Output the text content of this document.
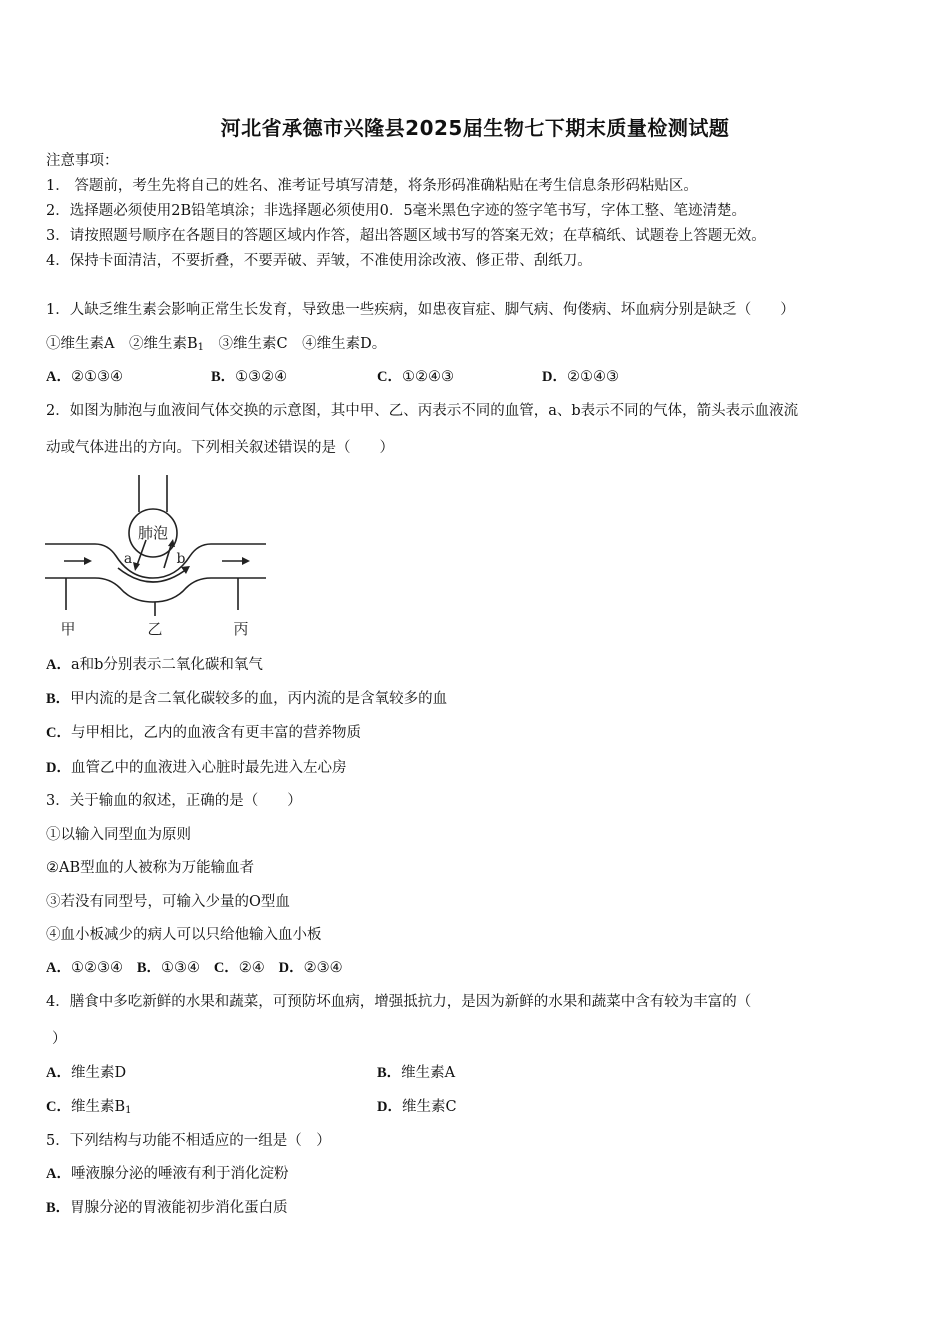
河北省承德市兴隆县2025届生物七下期末质量检测试题
注意事项：
1． 答题前，考生先将自己的姓名、准考证号填写清楚，将条形码准确粘贴在考生信息条形码粘贴区。
2．选择题必须使用2B铅笔填涂；非选择题必须使用0．5毫米黑色字迹的签字笔书写，字体工整、笔迹清楚。
3．请按照题号顺序在各题目的答题区域内作答，超出答题区域书写的答案无效；在草稿纸、试题卷上答题无效。
4．保持卡面清洁，不要折叠，不要弄破、弄皱，不准使用涂改液、修正带、刮纸刀。
1．人缺乏维生素会影响正常生长发育，导致患一些疾病，如患夜盲症、脚气病、佝偻病、坏血病分别是缺乏（　　）
①维生素A　②维生素$B_1$　③维生素C　④维生素D。
A．②①③④	B．①③②④	C．①②④③	D．②①④③
2．如图为肺泡与血液间气体交换的示意图，其中甲、乙、丙表示不同的血管，a、b表示不同的气体，箭头表示血液流
动或气体进出的方向。下列相关叙述错误的是（　　）
肺泡
a	b
甲	乙	丙
A．a和b分别表示二氧化碳和氧气
B．甲内流的是含二氧化碳较多的血，丙内流的是含氧较多的血
C．与甲相比，乙内的血液含有更丰富的营养物质
D．血管乙中的血液进入心脏时最先进入左心房
3．关于输血的叙述，正确的是（　　）
①以输入同型血为原则
②AB型血的人被称为万能输血者
③若没有同型号，可输入少量的O型血
④血小板减少的病人可以只给他输入血小板
A．①②③④ B．①③④ C．②④ D．②③④
4．膳食中多吃新鲜的水果和蔬菜，可预防坏血病，增强抵抗力，是因为新鲜的水果和蔬菜中含有较为丰富的（
）
A．维生素D	B．维生素A
C．维生素$B_1$	D．维生素C
5．下列结构与功能不相适应的一组是（　）
A．唾液腺分泌的唾液有利于消化淀粉
B．胃腺分泌的胃液能初步消化蛋白质
